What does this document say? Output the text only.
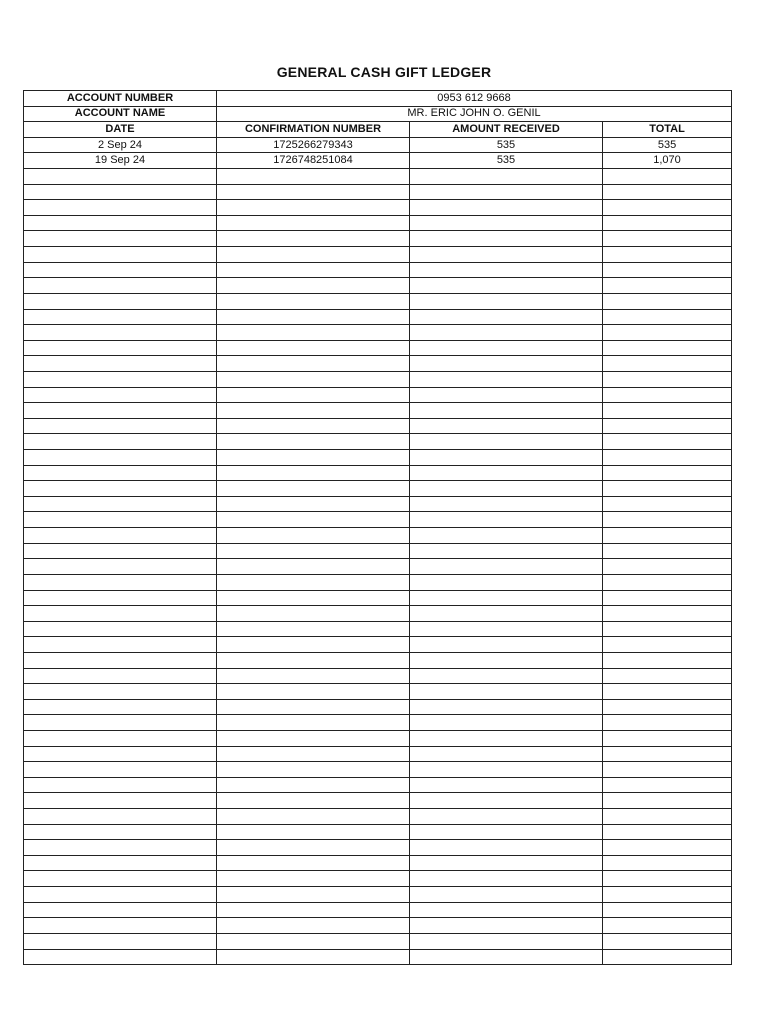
GENERAL CASH GIFT LEDGER
ACCOUNT NUMBER	0953 612 9668		
ACCOUNT NAME	MR. ERIC JOHN O. GENIL		
DATE	CONFIRMATION NUMBER	AMOUNT RECEIVED	TOTAL
2 Sep 24	1725266279343	535	535
19 Sep 24	1726748251084	535	1,070
